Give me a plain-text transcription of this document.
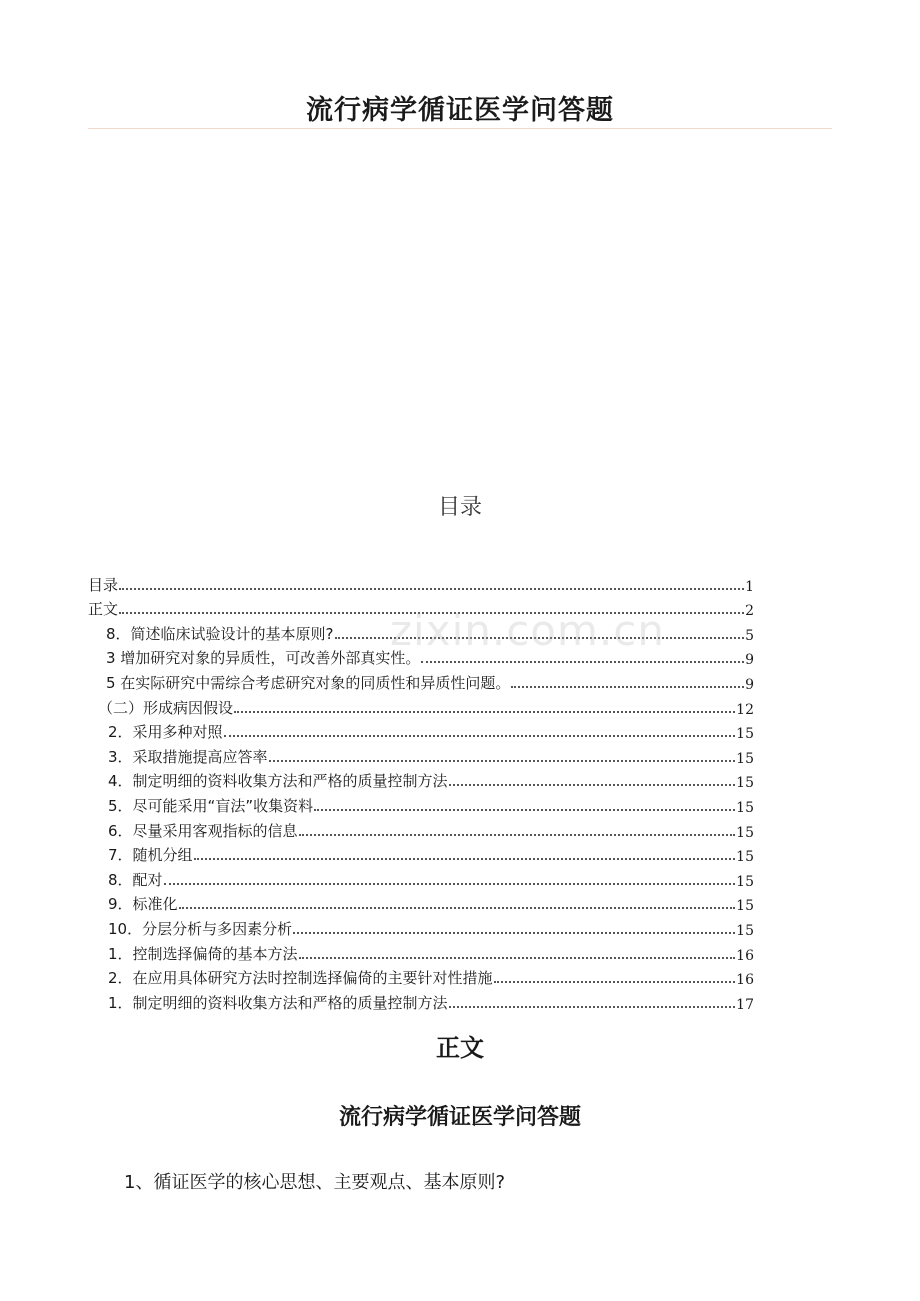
流行病学循证医学问答题
目录
目录	1
正文	2
8．简述临床试验设计的基本原则?	5
3 增加研究对象的异质性，可改善外部真实性。	9
5 在实际研究中需综合考虑研究对象的同质性和异质性问题。	9
（二）形成病因假设	12
2．采用多种对照	15
3．采取措施提高应答率	15
4．制定明细的资料收集方法和严格的质量控制方法	15
5．尽可能采用“盲法”收集资料	15
6．尽量采用客观指标的信息	15
7．随机分组	15
8．配对	15
9．标准化	15
10．分层分析与多因素分析	15
1．控制选择偏倚的基本方法	16
2．在应用具体研究方法时控制选择偏倚的主要针对性措施	16
1．制定明细的资料收集方法和严格的质量控制方法	17
zixin.com.cn
正文
流行病学循证医学问答题
1、循证医学的核心思想、主要观点、基本原则?
